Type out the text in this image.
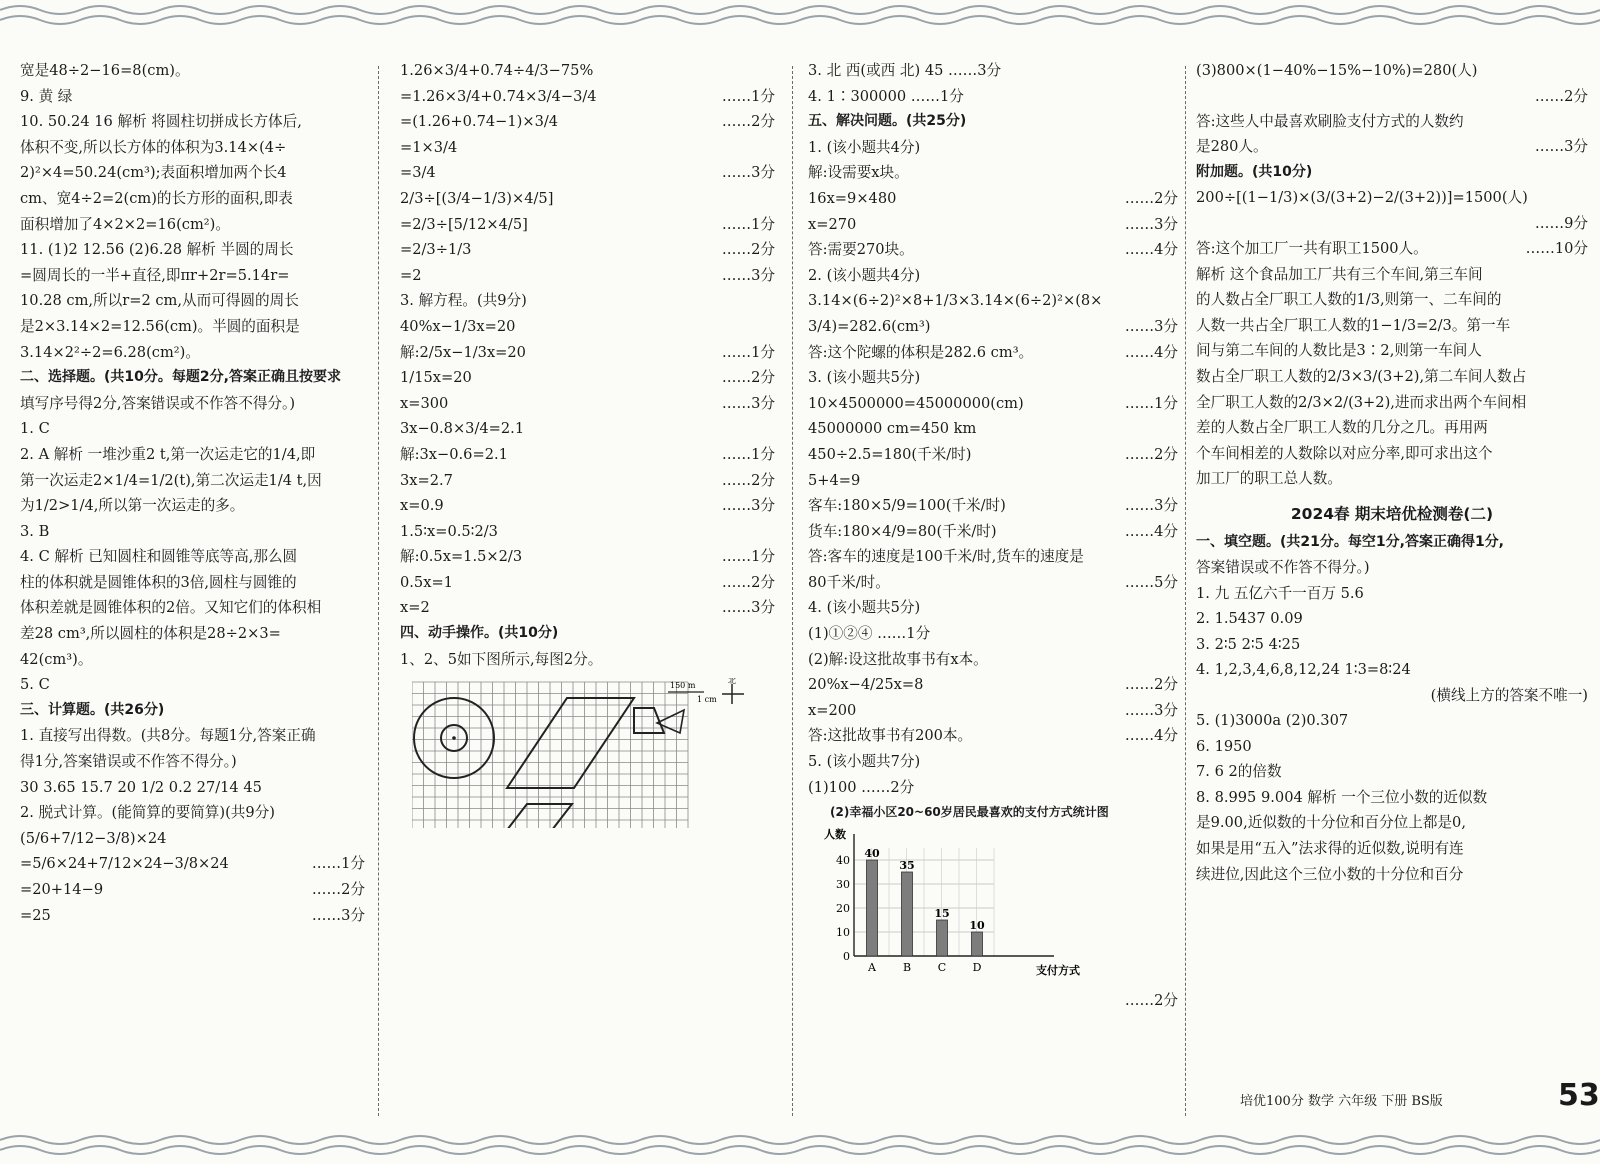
宽是48÷2−16=8(cm)。
9. 黄 绿
10. 50.24 16 解析 将圆柱切拼成长方体后,
体积不变,所以长方体的体积为3.14×(4÷
2)²×4=50.24(cm³);表面积增加两个长4
cm、宽4÷2=2(cm)的长方形的面积,即表
面积增加了4×2×2=16(cm²)。
11. (1)2 12.56 (2)6.28 解析 半圆的周长
=圆周长的一半+直径,即πr+2r=5.14r=
10.28 cm,所以r=2 cm,从而可得圆的周长
是2×3.14×2=12.56(cm)。半圆的面积是
3.14×2²÷2=6.28(cm²)。
二、选择题。(共10分。每题2分,答案正确且按要求
填写序号得2分,答案错误或不作答不得分。)
1. C
2. A 解析 一堆沙重2 t,第一次运走它的1/4,即
第一次运走2×1/4=1/2(t),第二次运走1/4 t,因
为1/2>1/4,所以第一次运走的多。
3. B
4. C 解析 已知圆柱和圆锥等底等高,那么圆
柱的体积就是圆锥体积的3倍,圆柱与圆锥的
体积差就是圆锥体积的2倍。又知它们的体积相
差28 cm³,所以圆柱的体积是28÷2×3=
42(cm³)。
5. C
三、计算题。(共26分)
1. 直接写出得数。(共8分。每题1分,答案正确
得1分,答案错误或不作答不得分。)
30 3.65 15.7 20 1/2 0.2 27/14 45
2. 脱式计算。(能简算的要简算)(共9分)
(5/6+7/12−3/8)×24
=5/6×24+7/12×24−3/8×24	……1分
=20+14−9	……2分
=25	……3分
1.26×3/4+0.74÷4/3−75%
=1.26×3/4+0.74×3/4−3/4	……1分
=(1.26+0.74−1)×3/4	……2分
=1×3/4
=3/4	……3分
2/3÷[(3/4−1/3)×4/5]
=2/3÷[5/12×4/5]	……1分
=2/3÷1/3	……2分
=2	……3分
3. 解方程。(共9分)
40%x−1/3x=20
解:2/5x−1/3x=20	……1分
1/15x=20	……2分
x=300	……3分
3x−0.8×3/4=2.1
解:3x−0.6=2.1	……1分
3x=2.7	……2分
x=0.9	……3分
1.5∶x=0.5∶2/3
解:0.5x=1.5×2/3	……1分
0.5x=1	……2分
x=2	……3分
四、动手操作。(共10分)
1、2、5如下图所示,每图2分。
150 m
1 cm
北
3. 北 西(或西 北) 45 ……3分
4. 1∶300000 ……1分
五、解决问题。(共25分)
1. (该小题共4分)
解:设需要x块。
16x=9×480	……2分
x=270	……3分
答:需要270块。	……4分
2. (该小题共4分)
3.14×(6÷2)²×8+1/3×3.14×(6÷2)²×(8×
3/4)=282.6(cm³)	……3分
答:这个陀螺的体积是282.6 cm³。	……4分
3. (该小题共5分)
10×4500000=45000000(cm)	……1分
45000000 cm=450 km
450÷2.5=180(千米/时)	……2分
5+4=9
客车:180×5/9=100(千米/时)	……3分
货车:180×4/9=80(千米/时)	……4分
答:客车的速度是100千米/时,货车的速度是
80千米/时。	……5分
4. (该小题共5分)
(1)①②④ ……1分
(2)解:设这批故事书有x本。
20%x−4/25x=8	……2分
x=200	……3分
答:这批故事书有200本。	……4分
5. (该小题共7分)
(1)100 ……2分
(2)幸福小区20~60岁居民最喜欢的支付方式统计图
0
10
20
30
40
人数
支付方式
40
A
35
B
15
C
10
D
……2分
(3)800×(1−40%−15%−10%)=280(人)
……2分
答:这些人中最喜欢刷脸支付方式的人数约
是280人。	……3分
附加题。(共10分)
200÷[(1−1/3)×(3/(3+2)−2/(3+2))]=1500(人)
……9分
答:这个加工厂一共有职工1500人。	……10分
解析 这个食品加工厂共有三个车间,第三车间
的人数占全厂职工人数的1/3,则第一、二车间的
人数一共占全厂职工人数的1−1/3=2/3。第一车
间与第二车间的人数比是3∶2,则第一车间人
数占全厂职工人数的2/3×3/(3+2),第二车间人数占
全厂职工人数的2/3×2/(3+2),进而求出两个车间相
差的人数占全厂职工人数的几分之几。再用两
个车间相差的人数除以对应分率,即可求出这个
加工厂的职工总人数。
2024春 期末培优检测卷(二)
一、填空题。(共21分。每空1分,答案正确得1分,
答案错误或不作答不得分。)
1. 九 五亿六千一百万 5.6
2. 1.5437 0.09
3. 2∶5 2∶5 4∶25
4. 1,2,3,4,6,8,12,24 1∶3=8∶24
(横线上方的答案不唯一)
5. (1)3000a (2)0.307
6. 1950
7. 6 2的倍数
8. 8.995 9.004 解析 一个三位小数的近似数
是9.00,近似数的十分位和百分位上都是0,
如果是用“五入”法求得的近似数,说明有连
续进位,因此这个三位小数的十分位和百分
培优100分 数学 六年级 下册 BS版	53
